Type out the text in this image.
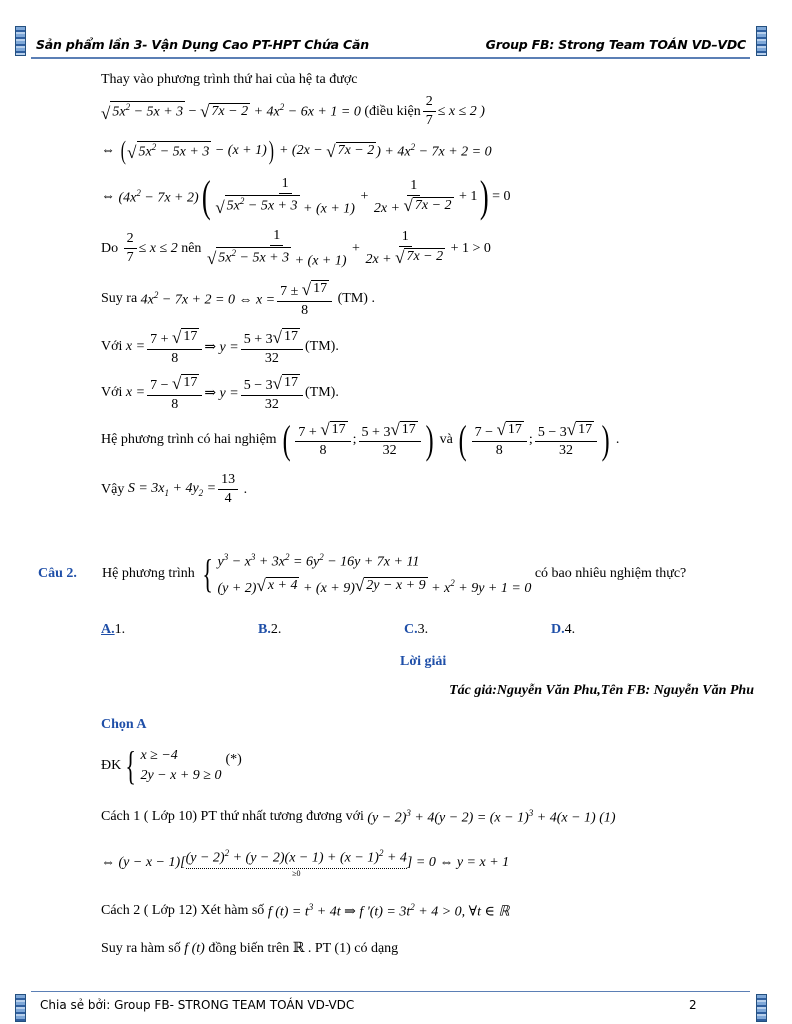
Sản phẩm lần 3- Vận Dụng Cao PT-HPT Chứa Căn	Group FB: Strong Team TOÁN VD–VDC
Thay vào phương trình thứ hai của hệ ta được
√ $5x^2 - 5x + 3$ − √ $7x - 2 + 4x^2 - 6x + 1 = 0$ (điều kiện $\frac{2}{7} \le x \le 2$ )
⇔ ( √ $5x^2 - 5x + 3 - (x + 1)$ ) + (2x − √ 7x − 2 ) + $4x^2 - 7x + 2 = 0$
⇔ $(4x^2 - 7x + 2)$ (	1
√ $5x^2 - 5x + 3 + (x + 1)$
+ $\frac{1}{2x + √ 7x - 2} + 1$ ) = 0
Do
$\frac{2}{7} \le x \le 2$ nên

1
√ $5x^2 - 5x + 3 + (x + 1)$
+ $\frac{1}{2x + √ 7x - 2} + 1 > 0$
Suy ra
$4x^2 - 7x + 2 = 0$ ⇔ $x = \frac{7 \pm √ 17}{8} (TM)$ .
Với
$x = \frac{7 + √ 17}{8}$ ⇒ $y = \frac{5 + 3 √ 17}{32} (TM)$ .
Với
$x = \frac{7 - √ 17}{8}$ ⇒ $y = \frac{5 - 3 √ 17}{32} (TM)$ .
Hệ phương trình có hai nghiệm
( 7 + √ 17
8
;
5 + 3 √ 17
32 )
và
( 7 − √ 17
8
;
5 − 3 √ 17
32 ) .
Vậy $S = 3x_1 + 4y_2 = \frac{13}{4}$ .
Câu 2.	Hệ phương trình
{ $y^3 - x^3 + 3x^2 = 6y^2 - 16y + 7x + 11$
(y + 2) √ x + 4 + (x + 9) √ $2y - x + 9 + x^2 + 9y + 1 = 0$

có bao nhiêu nghiệm thực?
A.1.	B.2.	C.3.	D.4.
Lời giải
Tác giả:Nguyễn Văn Phu,Tên FB: Nguyễn Văn Phu
Chọn A
ĐK { x ≥ −4
2y − x + 9 ≥ 0
(*)
Cách 1 ( Lớp 10) PT thứ nhất tương đương với
$(y - 2)^3 + 4(y - 2) = (x - 1)^3 + 4(x - 1)$ (1)
⇔ (y − x − 1)[ $(y - 2)^2 + (y - 2)(x - 1) + (x - 1)^2 + 4$
≥0
] = 0 ⇔ y = x + 1
Cách 2 ( Lớp 12) Xét hàm số
f $(t) = t^3 + 4t$ ⇒ f '$(t) = 3t^2 + 4 > 0$, ∀t ∈ ℝ
Suy ra hàm số
f (t)
đồng biến trên
ℝ
. PT (1) có dạng
Chia sẻ bởi: Group FB- STRONG TEAM TOÁN VD-VDC	2
